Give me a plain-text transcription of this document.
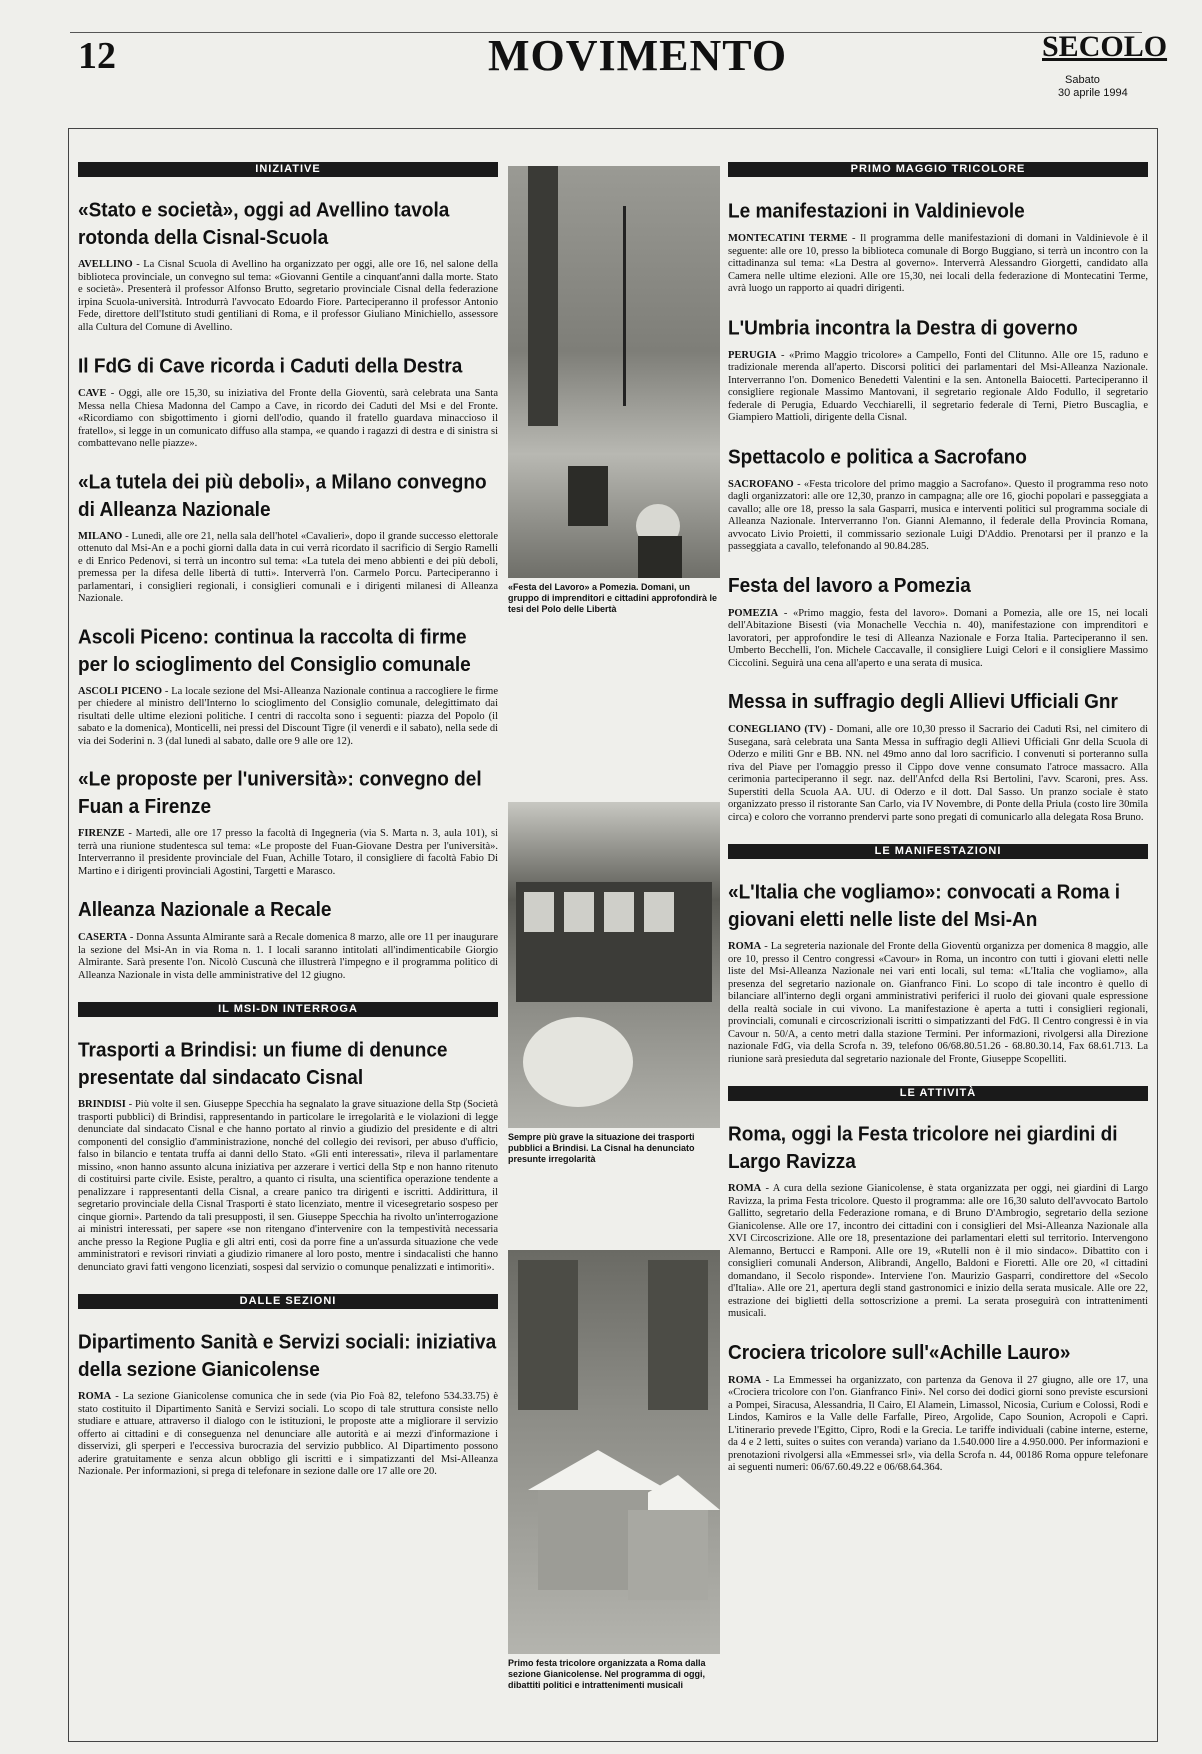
12	MOVIMENTO	SECOLO
Sabato
30 aprile 1994
INIZIATIVE
«Stato e società», oggi ad Avellino tavola rotonda della Cisnal-Scuola

AVELLINO - La Cisnal Scuola di Avellino ha organizzato per oggi, alle ore 16, nel salone della biblioteca provinciale, un convegno sul tema: «Giovanni Gentile a cinquant'anni dalla morte. Stato e società». Presenterà il professor Alfonso Brutto, segretario provinciale Cisnal della federazione irpina Scuola-università. Introdurrà l'avvocato Edoardo Fiore. Parteciperanno il professor Antonio Fede, direttore dell'Istituto studi gentiliani di Roma, e il professor Giuliano Minichiello, assessore alla Cultura del Comune di Avellino.

Il FdG di Cave ricorda i Caduti della Destra

CAVE - Oggi, alle ore 15,30, su iniziativa del Fronte della Gioventù, sarà celebrata una Santa Messa nella Chiesa Madonna del Campo a Cave, in ricordo dei Caduti del Msi e del Fronte. «Ricordiamo con sbigottimento i giorni dell'odio, quando il fratello guardava minaccioso il fratello», si legge in un comunicato diffuso alla stampa, «e quando i ragazzi di destra e di sinistra si combattevano nelle piazze».

«La tutela dei più deboli», a Milano convegno di Alleanza Nazionale

MILANO - Lunedì, alle ore 21, nella sala dell'hotel «Cavalieri», dopo il grande successo elettorale ottenuto dal Msi-An e a pochi giorni dalla data in cui verrà ricordato il sacrificio di Sergio Ramelli e di Enrico Pedenovi, si terrà un incontro sul tema: «La tutela dei meno abbienti e dei più deboli, premessa per la difesa delle libertà di tutti». Interverrà l'on. Carmelo Porcu. Parteciperanno i parlamentari, i consiglieri regionali, i consiglieri comunali e i dirigenti milanesi di Alleanza Nazionale.

Ascoli Piceno: continua la raccolta di firme per lo scioglimento del Consiglio comunale

ASCOLI PICENO - La locale sezione del Msi-Alleanza Nazionale continua a raccogliere le firme per chiedere al ministro dell'Interno lo scioglimento del Consiglio comunale, delegittimato dai risultati delle ultime elezioni politiche. I centri di raccolta sono i seguenti: piazza del Popolo (il sabato e la domenica), Monticelli, nei pressi del Discount Tigre (il venerdì e il sabato), nella sede di via dei Soderini n. 3 (dal lunedì al sabato, dalle ore 9 alle ore 12).

«Le proposte per l'università»: convegno del Fuan a Firenze

FIRENZE - Martedì, alle ore 17 presso la facoltà di Ingegneria (via S. Marta n. 3, aula 101), si terrà una riunione studentesca sul tema: «Le proposte del Fuan-Giovane Destra per l'università». Interverranno il presidente provinciale del Fuan, Achille Totaro, il consigliere di facoltà Fabio Di Martino e i dirigenti provinciali Agostini, Targetti e Marasco.

Alleanza Nazionale a Recale

CASERTA - Donna Assunta Almirante sarà a Recale domenica 8 marzo, alle ore 11 per inaugurare la sezione del Msi-An in via Roma n. 1. I locali saranno intitolati all'indimenticabile Giorgio Almirante. Sarà presente l'on. Nicolò Cuscunà che illustrerà l'impegno e il programma politico di Alleanza Nazionale in vista delle amministrative del 12 giugno.

IL MSI-DN INTERROGA
Trasporti a Brindisi: un fiume di denunce presentate dal sindacato Cisnal

BRINDISI - Più volte il sen. Giuseppe Specchia ha segnalato la grave situazione della Stp (Società trasporti pubblici) di Brindisi, rappresentando in particolare le irregolarità e le violazioni di legge denunciate dal sindacato Cisnal e che hanno portato al rinvio a giudizio del presidente e di altri componenti del consiglio d'amministrazione, nonché del collegio dei revisori, per abuso d'ufficio, falso in bilancio e tentata truffa ai danni dello Stato. «Gli enti interessati», rileva il parlamentare missino, «non hanno assunto alcuna iniziativa per azzerare i vertici della Stp e non hanno ritenuto di costituirsi parte civile. Esiste, peraltro, a quanto ci risulta, una scientifica operazione tendente a penalizzare i rappresentanti della Cisnal, a creare panico tra dirigenti e iscritti. Addirittura, il segretario provinciale della Cisnal Trasporti è stato licenziato, mentre il vicesegretario sospeso per cinque giorni». Partendo da tali presupposti, il sen. Giuseppe Specchia ha rivolto un'interrogazione ai ministri interessati, per sapere «se non ritengano d'intervenire con la tempestività necessaria anche presso la Regione Puglia e gli altri enti, così da porre fine a un'assurda situazione che vede amministratori e revisori rinviati a giudizio rimanere al loro posto, mentre i sindacalisti che hanno denunciato gravi fatti vengono licenziati, sospesi dal servizio o comunque penalizzati e intimoriti».

DALLE SEZIONI
Dipartimento Sanità e Servizi sociali: iniziativa della sezione Gianicolense

ROMA - La sezione Gianicolense comunica che in sede (via Pio Foà 82, telefono 534.33.75) è stato costituito il Dipartimento Sanità e Servizi sociali. Lo scopo di tale struttura consiste nello studiare e attuare, attraverso il dialogo con le istituzioni, le proposte atte a migliorare il servizio offerto ai cittadini e di conseguenza nel denunciare alle autorità e ai mezzi d'informazione i disservizi, gli sperperi e l'eccessiva burocrazia del servizio pubblico. Al Dipartimento possono aderire gratuitamente e senza alcun obbligo gli iscritti e i simpatizzanti del Msi-Alleanza Nazionale. Per informazioni, si prega di telefonare in sezione dalle ore 17 alle ore 20.

«Festa del Lavoro» a Pomezia. Domani, un gruppo di imprenditori e cittadini approfondirà le tesi del Polo delle Libertà
Sempre più grave la situazione dei trasporti pubblici a Brindisi. La Cisnal ha denunciato presunte irregolarità
Primo festa tricolore organizzata a Roma dalla sezione Gianicolense. Nel programma di oggi, dibattiti politici e intrattenimenti musicali
PRIMO MAGGIO TRICOLORE
Le manifestazioni in Valdinievole

MONTECATINI TERME - Il programma delle manifestazioni di domani in Valdinievole è il seguente: alle ore 10, presso la biblioteca comunale di Borgo Buggiano, si terrà un incontro con la cittadinanza sul tema: «La Destra al governo». Interverrà Alessandro Giorgetti, candidato alla Camera nelle ultime elezioni. Alle ore 15,30, nei locali della federazione di Montecatini Terme, avrà luogo un rapporto ai quadri dirigenti.

L'Umbria incontra la Destra di governo

PERUGIA - «Primo Maggio tricolore» a Campello, Fonti del Clitunno. Alle ore 15, raduno e tradizionale merenda all'aperto. Discorsi politici dei parlamentari del Msi-Alleanza Nazionale. Interverranno l'on. Domenico Benedetti Valentini e la sen. Antonella Baiocetti. Parteciperanno il consigliere regionale Massimo Mantovani, il segretario regionale Aldo Fodullo, il segretario federale di Perugia, Eduardo Vecchiarelli, il segretario federale di Terni, Pietro Buscaglia, e Giampiero Mattioli, dirigente della Cisnal.

Spettacolo e politica a Sacrofano

SACROFANO - «Festa tricolore del primo maggio a Sacrofano». Questo il programma reso noto dagli organizzatori: alle ore 12,30, pranzo in campagna; alle ore 16, giochi popolari e passeggiata a cavallo; alle ore 18, presso la sala Gasparri, musica e interventi politici sul programma sociale di Alleanza Nazionale. Interverranno l'on. Gianni Alemanno, il federale della Provincia Romana, avvocato Livio Proietti, il commissario sezionale Luigi D'Addio. Prenotarsi per il pranzo e la passeggiata a cavallo, telefonando al 90.84.285.

Festa del lavoro a Pomezia

POMEZIA - «Primo maggio, festa del lavoro». Domani a Pomezia, alle ore 15, nei locali dell'Abitazione Bisesti (via Monachelle Vecchia n. 40), manifestazione con imprenditori e lavoratori, per approfondire le tesi di Alleanza Nazionale e Forza Italia. Parteciperanno il sen. Umberto Becchelli, l'on. Michele Caccavalle, il consigliere Luigi Celori e il consigliere Massimo Ciccolini. Seguirà una cena all'aperto e una serata di musica.

Messa in suffragio degli Allievi Ufficiali Gnr

CONEGLIANO (TV) - Domani, alle ore 10,30 presso il Sacrario dei Caduti Rsi, nel cimitero di Susegana, sarà celebrata una Santa Messa in suffragio degli Allievi Ufficiali Gnr della Scuola di Oderzo e militi Gnr e BB. NN. nel 49mo anno dal loro sacrificio. I convenuti si porteranno sulla riva del Piave per l'omaggio presso il Cippo dove venne consumato l'atroce massacro. Alla cerimonia parteciperanno il segr. naz. dell'Anfcd della Rsi Bertolini, l'avv. Scaroni, pres. Ass. Superstiti della Scuola AA. UU. di Oderzo e il dott. Dal Sasso. Un pranzo sociale è stato organizzato presso il ristorante San Carlo, via IV Novembre, di Ponte della Priula (costo lire 30mila circa) e coloro che vorranno prendervi parte sono pregati di comunicarlo alla delegata Rosa Bruno.

LE MANIFESTAZIONI
«L'Italia che vogliamo»: convocati a Roma i giovani eletti nelle liste del Msi-An

ROMA - La segreteria nazionale del Fronte della Gioventù organizza per domenica 8 maggio, alle ore 10, presso il Centro congressi «Cavour» in Roma, un incontro con tutti i giovani eletti nelle liste del Msi-Alleanza Nazionale nei vari enti locali, sul tema: «L'Italia che vogliamo», alla presenza del segretario nazionale on. Gianfranco Fini. Lo scopo di tale incontro è quello di bilanciare all'interno degli organi amministrativi periferici il ruolo dei giovani quale espressione della realtà sociale in cui vivono. La manifestazione è aperta a tutti i consiglieri regionali, provinciali, comunali e circoscrizionali iscritti o simpatizzanti del FdG. Il Centro congressi è in via Cavour n. 50/A, a cento metri dalla stazione Termini. Per informazioni, rivolgersi alla Direzione nazionale FdG, via della Scrofa n. 39, telefono 06/68.80.51.26 - 68.80.30.14, Fax 68.61.713. La riunione sarà presieduta dal segretario nazionale del Fronte, Giuseppe Scopelliti.

LE ATTIVITÀ
Roma, oggi la Festa tricolore nei giardini di Largo Ravizza

ROMA - A cura della sezione Gianicolense, è stata organizzata per oggi, nei giardini di Largo Ravizza, la prima Festa tricolore. Questo il programma: alle ore 16,30 saluto dell'avvocato Bartolo Gallitto, segretario della Federazione romana, e di Bruno D'Ambrogio, segretario della sezione Gianicolense. Alle ore 17, incontro dei cittadini con i consiglieri del Msi-Alleanza Nazionale alla XVI Circoscrizione. Alle ore 18, presentazione dei parlamentari eletti sul territorio. Intervengono Alemanno, Bertucci e Ramponi. Alle ore 19, «Rutelli non è il mio sindaco». Dibattito con i consiglieri comunali Anderson, Alibrandi, Angello, Baldoni e Fioretti. Alle ore 20, «I cittadini domandano, il Secolo risponde». Interviene l'on. Maurizio Gasparri, condirettore del «Secolo d'Italia». Alle ore 21, apertura degli stand gastronomici e inizio della serata musicale. Alle ore 22, estrazione dei biglietti della sottoscrizione a premi. La serata proseguirà con intrattenimenti musicali.

Crociera tricolore sull'«Achille Lauro»

ROMA - La Emmessei ha organizzato, con partenza da Genova il 27 giugno, alle ore 17, una «Crociera tricolore con l'on. Gianfranco Fini». Nel corso dei dodici giorni sono previste escursioni a Pompei, Siracusa, Alessandria, Il Cairo, El Alamein, Limassol, Nicosia, Curium e Colossi, Rodi e Lindos, Kamiros e la Valle delle Farfalle, Pireo, Argolide, Capo Sounion, Acropoli e Capri. L'itinerario prevede l'Egitto, Cipro, Rodi e la Grecia. Le tariffe individuali (cabine interne, esterne, da 4 e 2 letti, suites o suites con veranda) variano da 1.540.000 lire a 4.950.000. Per informazioni e prenotazioni rivolgersi alla «Emmessei srl», via della Scrofa n. 44, 00186 Roma oppure telefonare ai seguenti numeri: 06/67.60.49.22 e 06/68.64.364.
